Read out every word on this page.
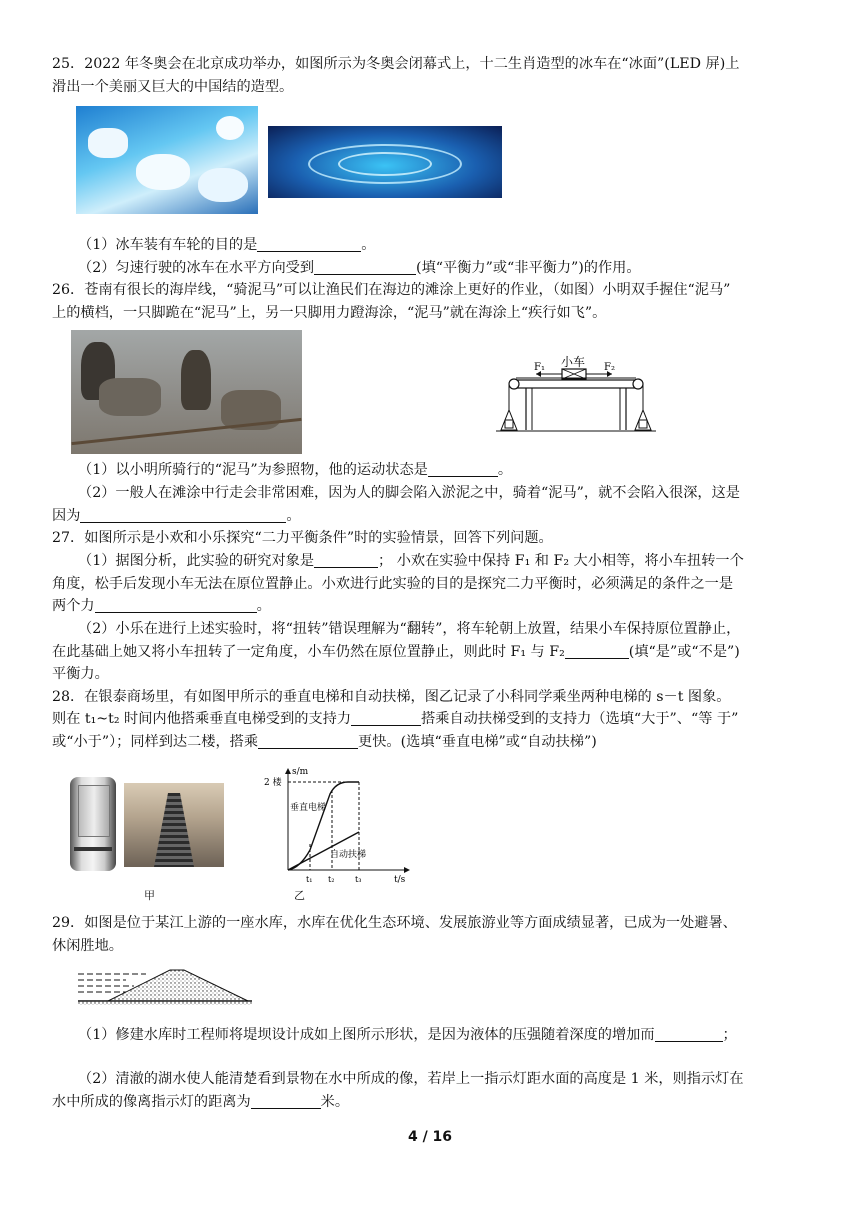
25．2022 年冬奥会在北京成功举办，如图所示为冬奥会闭幕式上，十二生肖造型的冰车在“冰面”(LED 屏)上
滑出一个美丽又巨大的中国结的造型。
（1）冰车装有车轮的目的是	。
（2）匀速行驶的冰车在水平方向受到	(填“平衡力”或“非平衡力”)的作用。
26．苍南有很长的海岸线，“骑泥马”可以让渔民们在海边的滩涂上更好的作业，（如图）小明双手握住“泥马”
上的横档，一只脚跪在“泥马”上，另一只脚用力蹬海涂，“泥马”就在海涂上“疾行如飞”。
小车
F₁	F₂
（1）以小明所骑行的“泥马”为参照物，他的运动状态是	。
（2）一般人在滩涂中行走会非常困难，因为人的脚会陷入淤泥之中，骑着“泥马”，就不会陷入很深，这是
因为	。
27．如图所示是小欢和小乐探究“二力平衡条件”时的实验情景，回答下列问题。
（1）据图分析，此实验的研究对象是	； 小欢在实验中保持 F₁ 和 F₂ 大小相等，将小车扭转一个
角度，松手后发现小车无法在原位置静止。小欢进行此实验的目的是探究二力平衡时，必须满足的条件之一是
两个力	。
（2）小乐在进行上述实验时，将“扭转”错误理解为“翻转”，将车轮朝上放置，结果小车保持原位置静止，
在此基础上她又将小车扭转了一定角度，小车仍然在原位置静止，则此时 F₁ 与 F₂	(填“是”或“不是”)
平衡力。
28．在银泰商场里，有如图甲所示的垂直电梯和自动扶梯，图乙记录了小科同学乘坐两种电梯的 s－t 图象。
则在 t₁~t₂ 时间内他搭乘垂直电梯受到的支持力	搭乘自动扶梯受到的支持力（选填“大于”、“等 于”
或“小于”）；同样到达二楼，搭乘	更快。(选填“垂直电梯”或“自动扶梯”)
甲
s/m
t/s
2 楼
垂直电梯
自动扶梯
t₁ t₂	t₃
乙
29．如图是位于某江上游的一座水库，水库在优化生态环境、发展旅游业等方面成绩显著，已成为一处避暑、
休闲胜地。
（1）修建水库时工程师将堤坝设计成如上图所示形状，是因为液体的压强随着深度的增加而	；
（2）清澈的湖水使人能清楚看到景物在水中所成的像，若岸上一指示灯距水面的高度是 1 米，则指示灯在
水中所成的像离指示灯的距离为	米。
4 / 16
